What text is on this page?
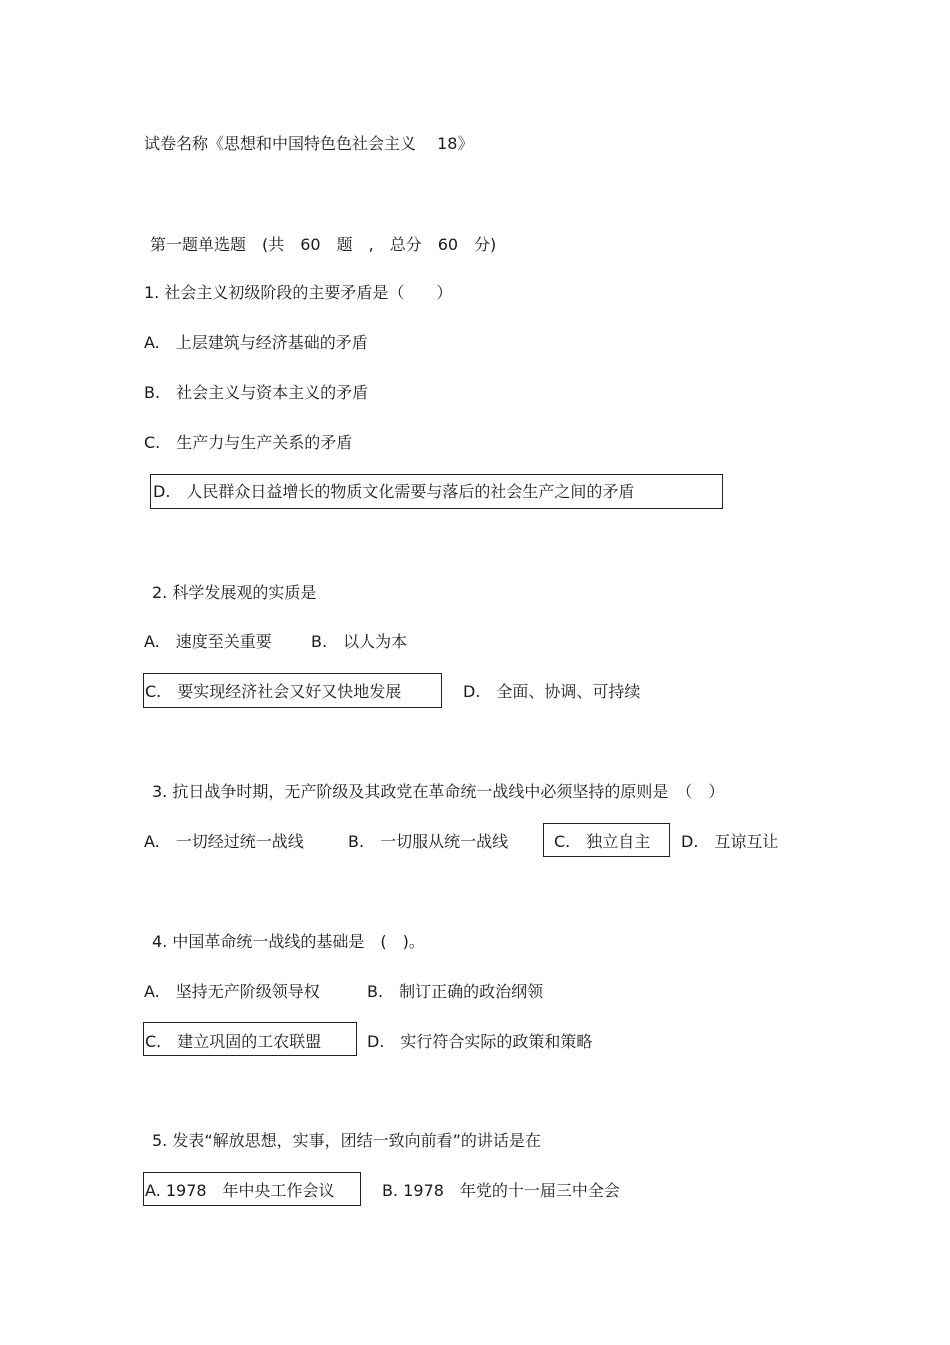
试卷名称《思想和中国特色色社会主义　 18》
第一题单选题　(共　60　题　,　总分　60　分)
1. 社会主义初级阶段的主要矛盾是（　　）
A.　上层建筑与经济基础的矛盾
B.　社会主义与资本主义的矛盾
C.　生产力与生产关系的矛盾
D.　人民群众日益增长的物质文化需要与落后的社会生产之间的矛盾
2. 科学发展观的实质是
A.　速度至关重要 B.　以人为本
C.　要实现经济社会又好又快地发展	D.　全面、协调、可持续
3. 抗日战争时期，无产阶级及其政党在革命统一战线中必须坚持的原则是　（　）
A.　一切经过统一战线	B.　一切服从统一战线	C.　独立自主 D.　互谅互让
4. 中国革命统一战线的基础是　(　)。
A.　坚持无产阶级领导权	B.　制订正确的政治纲领
C.　建立巩固的工农联盟	D.　实行符合实际的政策和策略
5. 发表“解放思想，实事，团结一致向前看”的讲话是在
A. 1978　年中央工作会议	B. 1978　年党的十一届三中全会
